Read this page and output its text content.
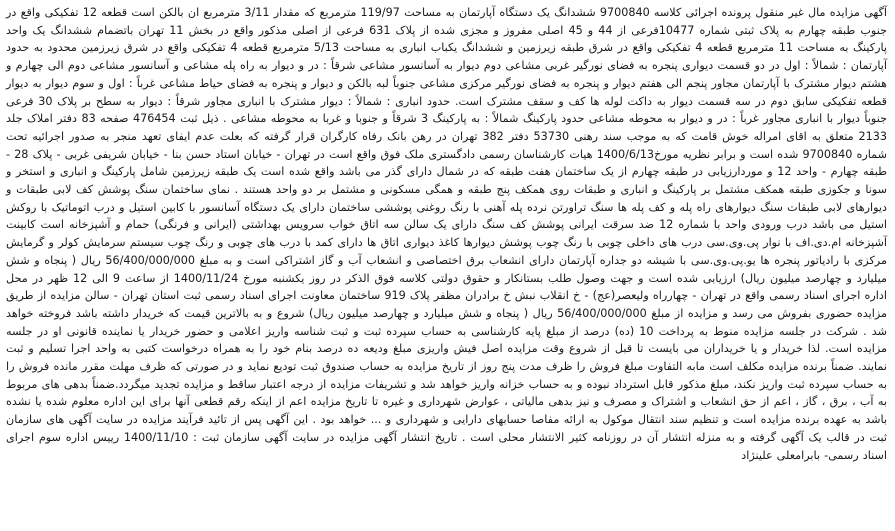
آگهی مزایده مال غیر منقول پرونده اجرائی کلاسه 9700840 ششدانگ یک دستگاه آپارتمان به مساحت 119/97 مترمربع که مقدار 3/11 مترمربع ان بالکن است قطعه 12 تفکیکی واقع در جنوب طبقه چهارم به پلاک ثبتی شماره 10477فرعی از 44 و 45 اصلی مفروز و مجزی شده از پلاک 631 فرعی از اصلی مذکور واقع در بخش 11 تهران باتضمام ششدانگ یک واحد پارکینگ به مساحت 11 مترمربع قطعه 4 تفکیکی واقع در شرق طبقه زیرزمین و ششدانگ یکباب انباری به مساحت 5/13 مترمربع قطعه 4 تفکیکی واقع در شرق زیرزمین محدود به حدود آپارتمان : شمالاً : اول در دو قسمت دیواری پنجره به فضای نورگیر غربی مشاعی دوم دیوار به آسانسور مشاعی شرقاً : در و دیوار به راه پله مشاعی و آسانسور مشاعی دوم الی چهارم و هشتم دیوار مشترک با آپارتمان مجاور پنجم الی هفتم دیوار و پنجره به فضای نورگیر مرکزی مشاعی جنوباً لبه بالکن و دیوار و پنجره به فضای حیاط مشاعی غرباً : اول و سوم دیوار به دیوار قطعه تفکیکی سابق دوم در سه قسمت دیوار به داکت لوله ها کف و سقف مشترک است. حدود انباری : شمالاً : دیوار مشترک با انباری مجاور شرقاً : دیوار به سطح بر پلاک 30 فرعی جنوباً دیوار با انباری مجاور غرباً : در و دیوار به محوطه مشاعی حدود پارکینگ شمالاً : به پارکینگ 3 شرقاً و جنوبا و غربا به محوطه مشاعی . ذیل ثبت 476454 صفحه 83 دفتر املاک جلد 2133 متعلق به اقای امراله خوش قامت که به موجب سند رهنی 53730 دفتر 382 تهران در رهن بانک رفاه کارگران قرار گرفته که بعلت عدم ایفای تعهد منجر به صدور اجرائیه تحت شماره 9700840 شده است و برابر نظریه مورخ1400/6/13 هیات کارشناسان رسمی دادگستری ملک فوق واقع است در تهران - خیابان استاد حسن بنا - خیابان شریفی غربی - پلاک 28 - طبقه چهارم - واحد 12 و موردارزیابی در طبقه چهارم از یک ساختمان هفت طبقه که در شمال دارای گذر می باشد واقع شده است یک طبقه زیرزمین شامل پارکینگ و انباری و استخر و سونا و جکوزی طبقه همکف مشتمل بر پارکینگ و انباری و طبقات روی همکف پنج طبقه و همگی مسکونی و مشتمل بر دو واحد هستند . نمای ساختمان سنگ پوشش کف لابی طبقات و دیوارهای لابی طبقات سنگ دیوارهای راه پله و کف پله ها سنگ تراورتن نرده پله آهنی با رنگ روغنی پوششی ساختمان دارای یک دستگاه آسانسور با کابین استیل و درب اتوماتیک با روکش استیل می باشد درب ورودی واحد با شماره 12 ضد سرقت ایرانی پوشش کف سنگ دارای یک سالن سه اتاق خواب سرویس بهداشتی (ایرانی و فرنگی) حمام و آشپزخانه است کابینت آشپزخانه ام.دی.اف با نوار پی.وی.سی درب های داخلی چوبی با رنگ چوب پوشش دیوارها کاغذ دیواری اتاق ها دارای کمد با درب های چوبی و رنگ چوب سیستم سرمایش کولر و گرمایش مرکزی با رادیاتور پنجره ها یو.پی.وی.سی با شیشه دو جداره آپارتمان دارای انشعاب برق اختصاصی و انشعاب آب و گاز اشتراکی است و به مبلغ 56/400/000/000 ریال ( پنجاه و شش میلیارد و چهارصد میلیون ریال) ارزیابی شده است و جهت وصول طلب بستانکار و حقوق دولتی کلاسه فوق الذکر در روز یکشنبه مورخ 1400/11/24 از ساعت 9 الی 12 ظهر در محل اداره اجرای اسناد رسمی واقع در تهران - چهارراه ولیعصر(عج) - خ انقلاب نبش خ برادران مظفر پلاک 919 ساختمان معاونت اجرای اسناد رسمی ثبت استان تهران - سالن مزایده از طریق مزایده حضوری بفروش می رسد و مزایده از مبلغ 56/400/000/000 ریال ( پنجاه و شش میلیارد و چهارصد میلیون ریال) شروع و به بالاترین قیمت که خریدار داشته باشد فروخته خواهد شد . شرکت در جلسه مزایده منوط به پرداخت 10 (ده) درصد از مبلغ پایه کارشناسی به حساب سپرده ثبت و ثبت شناسه واریز اعلامی و حضور خریدار یا نماینده قانونی او در جلسه مزایده است. لذا خریدار و یا خریداران می بایست تا قبل از شروع وقت مزایده اصل فیش واریزی مبلغ ودیعه ده درصد بنام خود را به همراه درخواست کتبی به واحد اجرا تسلیم و ثبت نمایند. ضمناً برنده مزایده مکلف است مابه التفاوت مبلغ فروش را ظرف مدت پنج روز از تاریخ مزایده به حساب صندوق ثبت تودیع نماید و در صورتی که ظرف مهلت مقرر مانده فروش را به حساب سپرده ثبت واریز نکند، مبلغ مذکور قابل استرداد نبوده و به حساب خزانه واریز خواهد شد و تشریفات مزایده از درجه اعتبار ساقط و مزایده تجدید میگردد.ضمناً بدهی های مربوط به آب ، برق ، گاز ، اعم از حق انشعاب و اشتراک و مصرف و نیز بدهی مالیاتی ، عوارض شهرداری و غیره تا تاریخ مزایده اعم از اینکه رقم قطعی آنها برای این اداره معلوم شده یا نشده باشد به عهده برنده مزایده است و تنظیم سند انتقال موکول به ارائه مفاصا حسابهای دارایی و شهرداری و ... خواهد بود . این آگهی پس از تائید فرآیند مزایده در سایت آگهی های سازمان ثبت در قالب یک آگهی گرفته و به منزله انتشار آن در روزنامه کثیر الانتشار محلی است . تاریخ انتشار آگهی مزایده در سایت آگهی سازمان ثبت : 1400/11/10 رییس اداره سوم اجرای اسناد رسمی- بابرامعلی علینژاد
